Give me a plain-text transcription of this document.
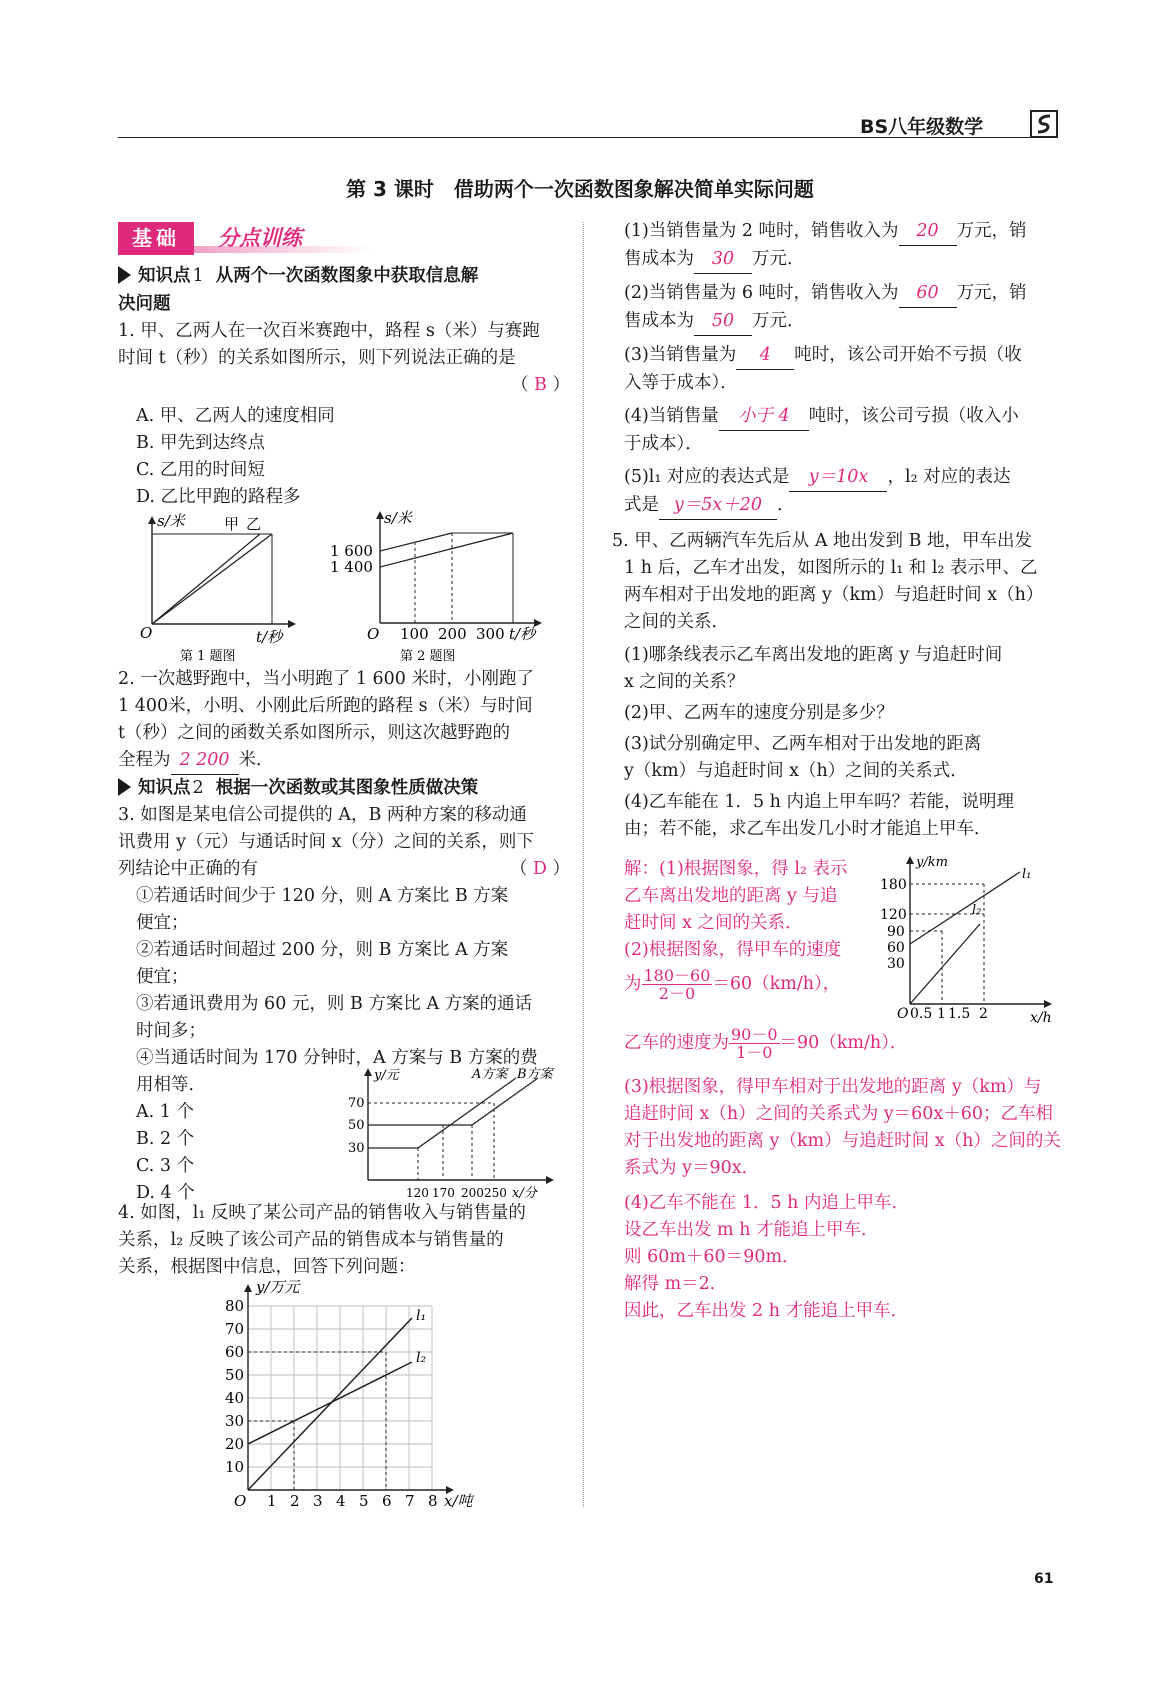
BS八年级数学
第 3 课时　借助两个一次函数图象解决简单实际问题
基础	分点训练
知识点 1 从两个一次函数图象中获取信息解
决问题
1. 甲、乙两人在一次百米赛跑中，路程 s（米）与赛跑
时间 t（秒）的关系如图所示，则下列说法正确的是
（ B ）
A. 甲、乙两人的速度相同
B. 甲先到达终点
C. 乙用的时间短
D. 乙比甲跑的路程多
s/米	甲 乙
O	t/秒
第 1 题图
s/米
1 600
1 400
O 100 200 300 t/秒
第 2 题图
2. 一次越野跑中，当小明跑了 1 600 米时，小刚跑了
1 400米，小明、小刚此后所跑的路程 s（米）与时间
t（秒）之间的函数关系如图所示，则这次越野跑的
全程为 2 200 米．
知识点 2 根据一次函数或其图象性质做决策
3. 如图是某电信公司提供的 A，B 两种方案的移动通
讯费用 y（元）与通话时间 x（分）之间的关系，则下
列结论中正确的有	（ D ）
①若通话时间少于 120 分，则 A 方案比 B 方案
便宜；
②若通话时间超过 200 分，则 B 方案比 A 方案
便宜；
③若通讯费用为 60 元，则 B 方案比 A 方案的通话
时间多；
④当通话时间为 170 分钟时，A 方案与 B 方案的费
用相等．
A. 1 个
B. 2 个
C. 3 个
D. 4 个
y/元	A方案 B方案
70
50
30
120 170 200 250 x/分
4. 如图，l₁ 反映了某公司产品的销售收入与销售量的
关系，l₂ 反映了该公司产品的销售成本与销售量的
关系，根据图中信息，回答下列问题：
y/万元
l₁
l₂
80
70
60
50
40
30
20
10
O 1 2 3 4 5 6 7 8 x/吨
(1)当销售量为 2 吨时，销售收入为 20 万元，销
售成本为 30 万元．
(2)当销售量为 6 吨时，销售收入为 60 万元，销
售成本为 50 万元．
(3)当销售量为 4 吨时，该公司开始不亏损（收
入等于成本）．
(4)当销售量 小于 4 吨时，该公司亏损（收入小
于成本）．
(5)l₁ 对应的表达式是 y＝10x ，l₂ 对应的表达
式是 y＝5x＋20 ．
5. 甲、乙两辆汽车先后从 A 地出发到 B 地，甲车出发
1 h 后，乙车才出发，如图所示的 l₁ 和 l₂ 表示甲、乙
两车相对于出发地的距离 y（km）与追赶时间 x（h）
之间的关系．
(1)哪条线表示乙车离出发地的距离 y 与追赶时间
x 之间的关系？
(2)甲、乙两车的速度分别是多少？
(3)试分别确定甲、乙两车相对于出发地的距离
y（km）与追赶时间 x（h）之间的关系式．
(4)乙车能在 1．5 h 内追上甲车吗？若能，说明理
由；若不能，求乙车出发几小时才能追上甲车．
解：(1)根据图象，得 l₂ 表示
乙车离出发地的距离 y 与追
赶时间 x 之间的关系．
(2)根据图象，得甲车的速度
为 $\frac{180-60}{2-0} =60(km/h)$，
y/km
l₁
l₂
180
120
90
60
30
O 0.5 1 1.5 2	x/h
乙车的速度为 $\frac{90-0}{1-0} =90(km/h)$．
(3)根据图象，得甲车相对于出发地的距离 y（km）与
追赶时间 x（h）之间的关系式为 y＝60x＋60；乙车相
对于出发地的距离 y（km）与追赶时间 x（h）之间的关
系式为 y＝90x．
(4)乙车不能在 1．5 h 内追上甲车．
设乙车出发 m h 才能追上甲车．
则 60m＋60＝90m．
解得 m＝2．
因此，乙车出发 2 h 才能追上甲车．
61
